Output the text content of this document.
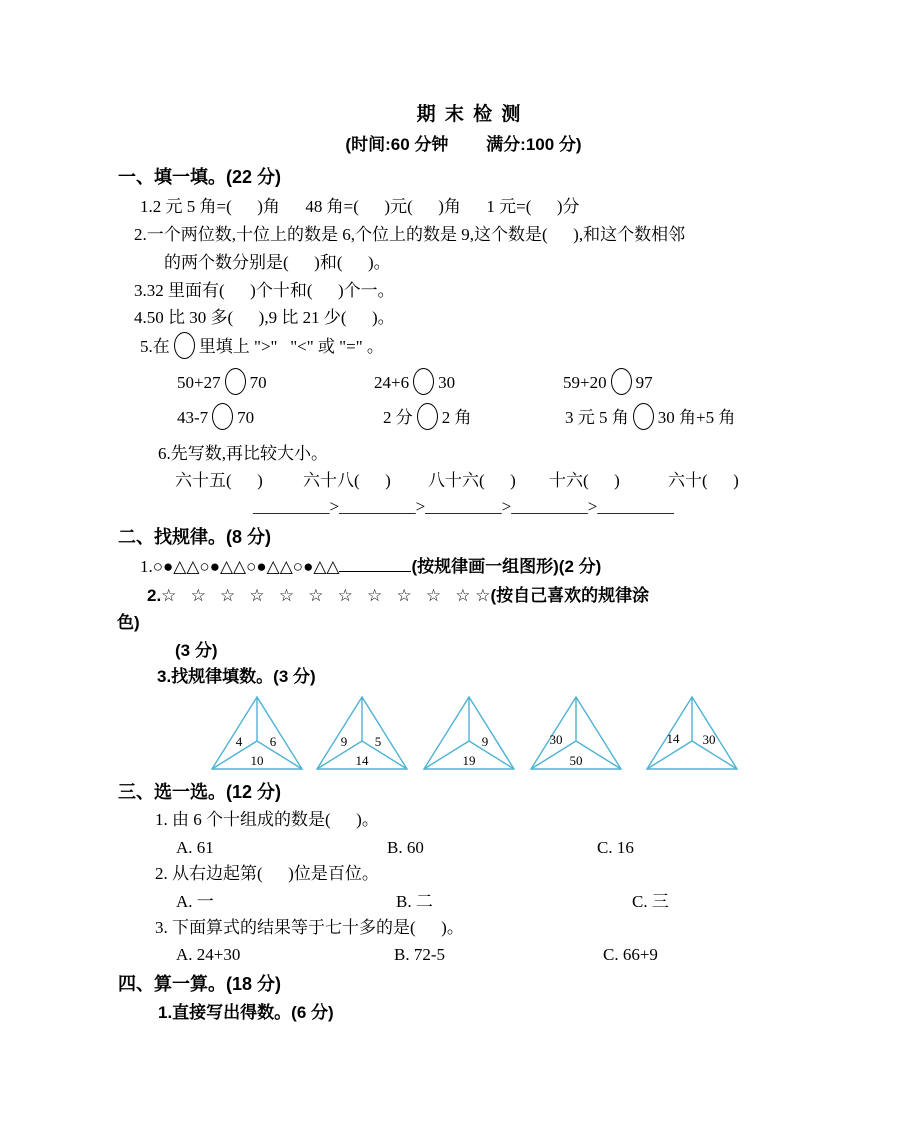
期 末 检 测
(时间:60 分钟        满分:100 分)
一、填一填。(22 分)
1.2 元 5 角=(      )角      48 角=(      )元(      )角      1 元=(      )分
2.一个两位数,十位上的数是 6,个位上的数是 9,这个数是(      ),和这个数相邻
的两个数分别是(      )和(      )。
3.32 里面有(      )个十和(      )个一。
4.50 比 30 多(      ),9 比 21 少(      )。
5.在 里填上 ">"   "<" 或 "=" 。
50+27 70	24+6 30	59+20 97
43-7 70	2 分 2 角	3 元 5 角 30 角+5 角
6.先写数,再比较大小。
六十五(      ) 六十八(      ) 八十六(      ) 十六(      )	六十(      )
_________>_________>_________>_________>_________
二、找规律。(8 分)
1.○●△△○●△△○●△△○●△△	(按规律画一组图形)(2 分)
2.☆   ☆   ☆   ☆   ☆   ☆   ☆   ☆   ☆   ☆   ☆ ☆(按自己喜欢的规律涂
色)
(3 分)
3.找规律填数。(3 分)
4 6
10
9 5
14
9
19
30
50
14 30
三、选一选。(12 分)
1. 由 6 个十组成的数是(      )。
A. 61	B. 60	C. 16
2. 从右边起第(      )位是百位。
A. 一	B. 二	C. 三
3. 下面算式的结果等于七十多的是(      )。
A. 24+30	B. 72-5	C. 66+9
四、算一算。(18 分)
1.直接写出得数。(6 分)
